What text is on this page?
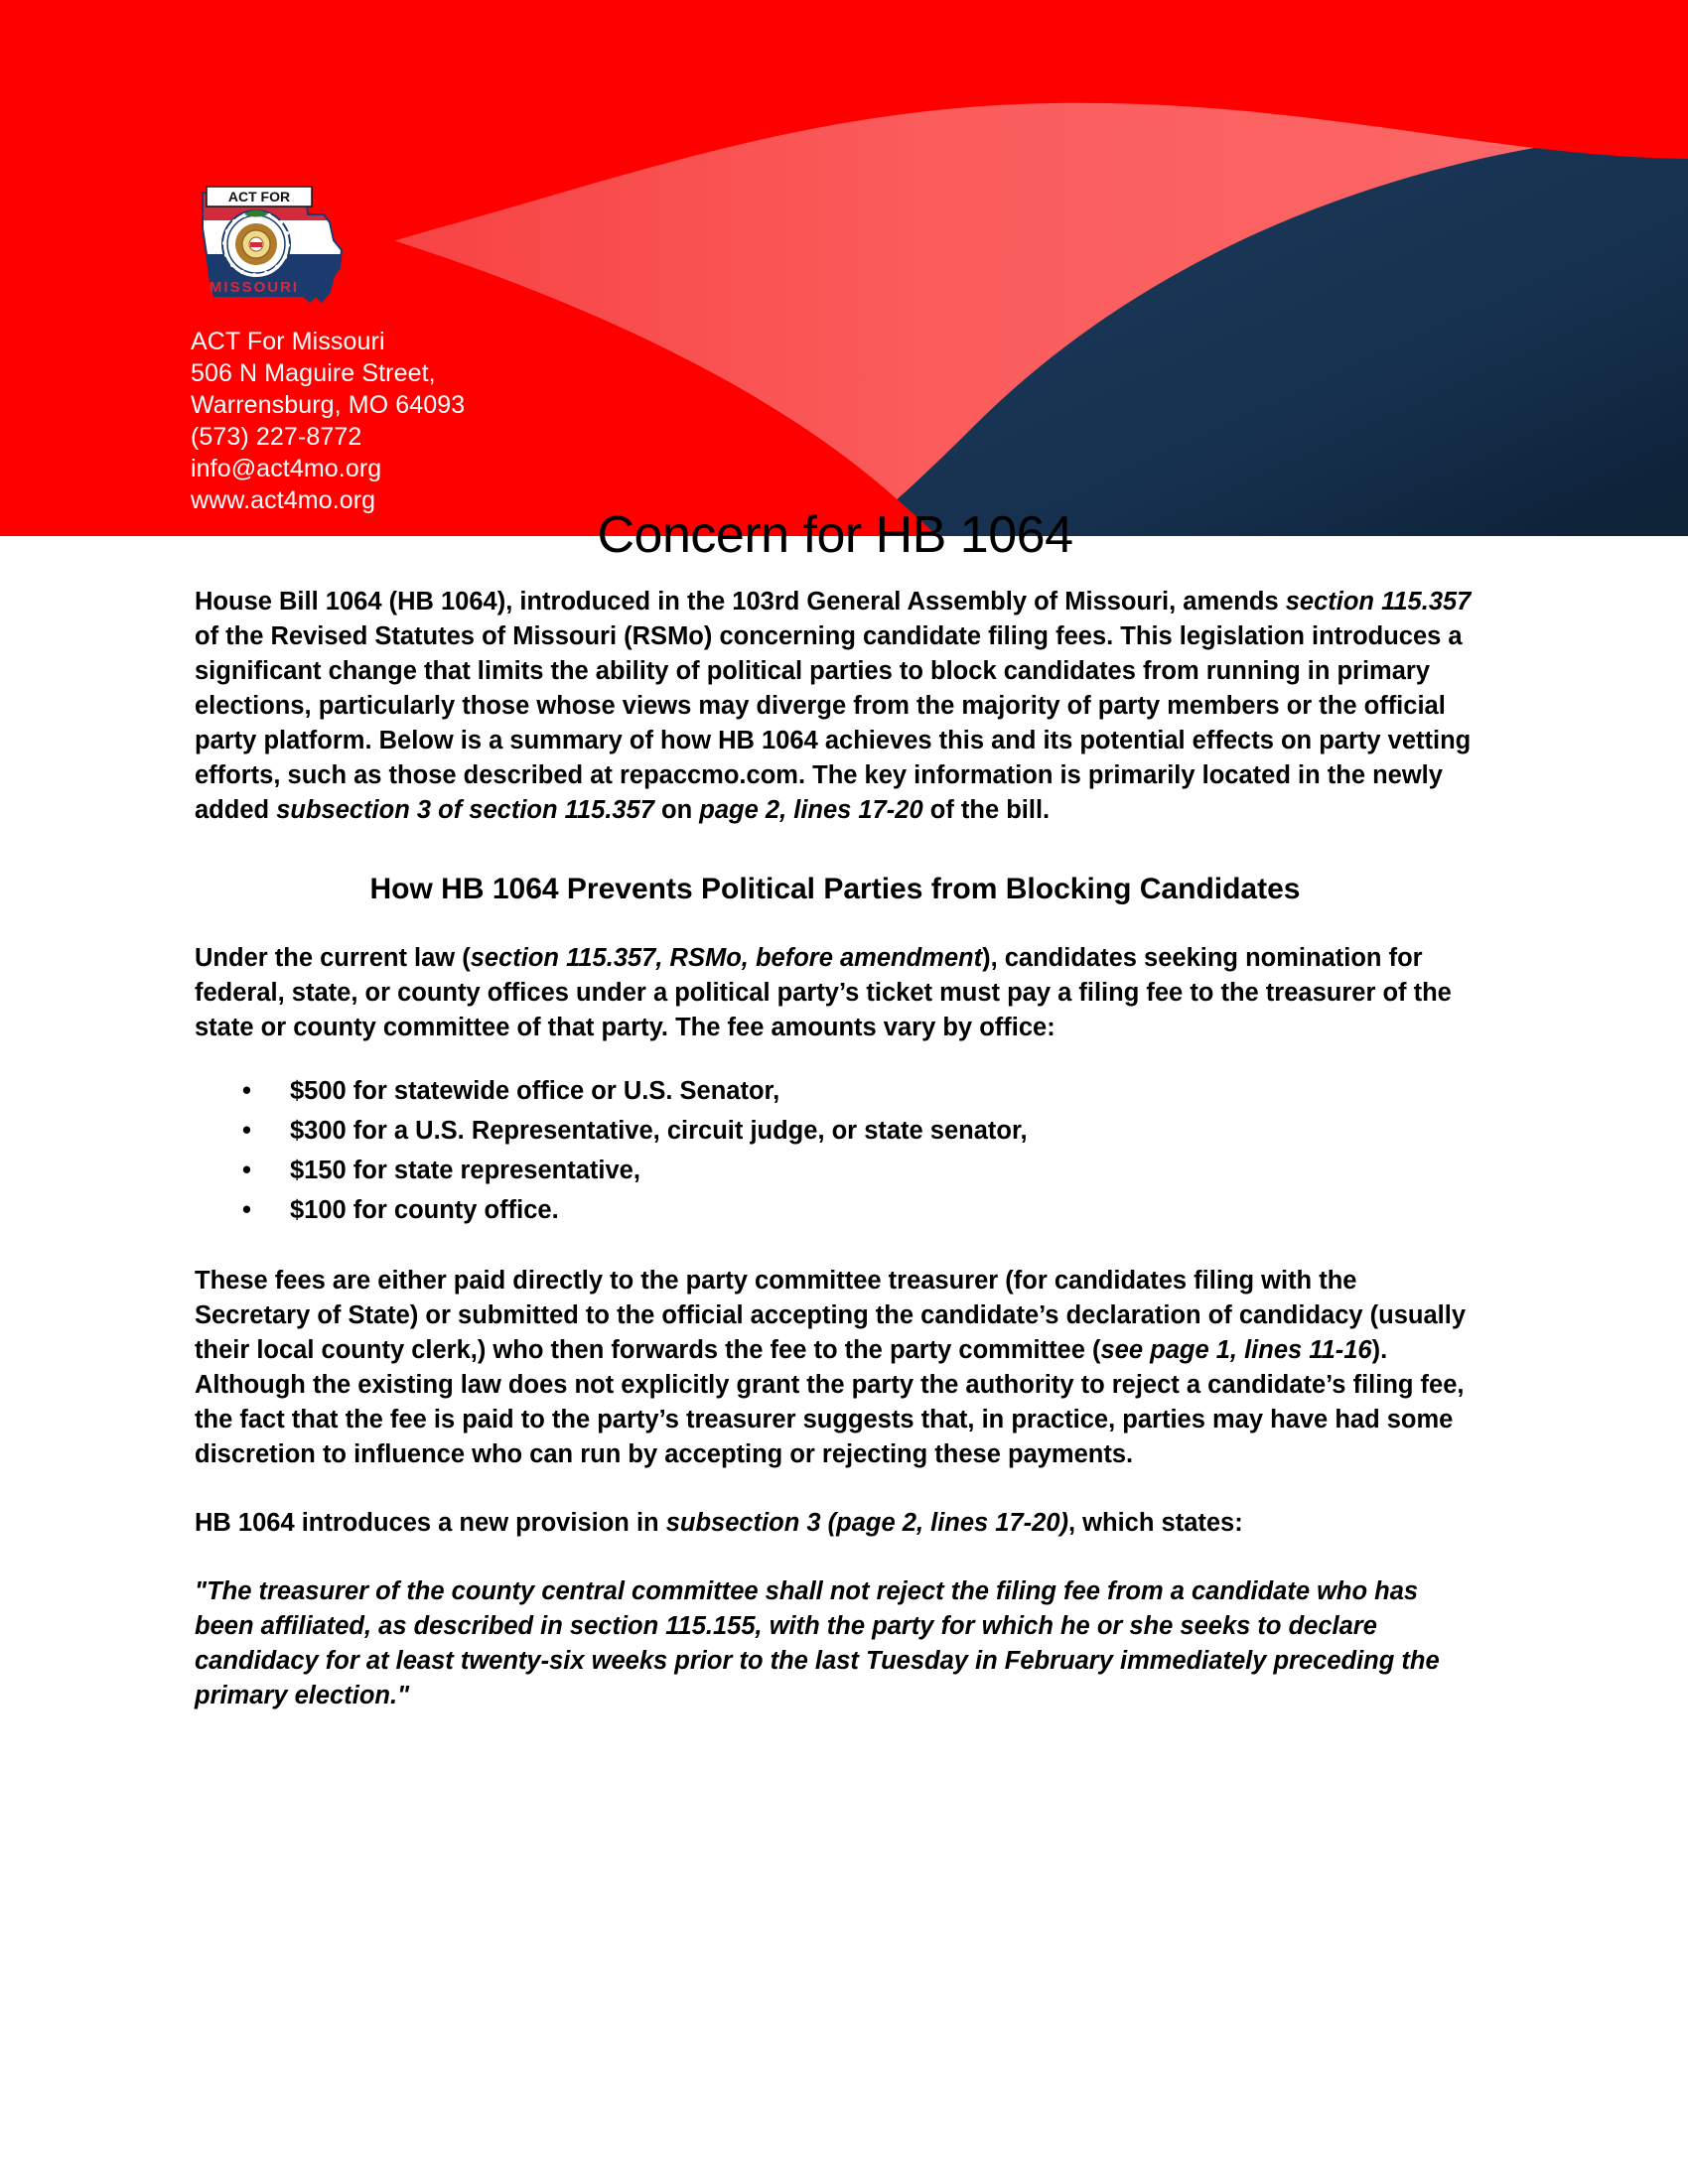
ACT FOR
MISSOURI
ACT For Missouri
506 N Maguire Street,
Warrensburg, MO 64093
(573) 227-8772
info@act4mo.org
www.act4mo.org
Concern for HB 1064

House Bill 1064 (HB 1064), introduced in the 103rd General Assembly of Missouri, amends section 115.357 of the Revised Statutes of Missouri (RSMo) concerning candidate filing fees. This legislation introduces a significant change that limits the ability of political parties to block candidates from running in primary elections, particularly those whose views may diverge from the majority of party members or the official party platform. Below is a summary of how HB 1064 achieves this and its potential effects on party vetting efforts, such as those described at repaccmo.com. The key information is primarily located in the newly added subsection 3 of section 115.357 on page 2, lines 17-20 of the bill.

How HB 1064 Prevents Political Parties from Blocking Candidates

Under the current law (section 115.357, RSMo, before amendment), candidates seeking nomination for federal, state, or county offices under a political party’s ticket must pay a filing fee to the treasurer of the state or county committee of that party. The fee amounts vary by office:

• $500 for statewide office or U.S. Senator,
• $300 for a U.S. Representative, circuit judge, or state senator,
• $150 for state representative,
• $100 for county office.

These fees are either paid directly to the party committee treasurer (for candidates filing with the Secretary of State) or submitted to the official accepting the candidate’s declaration of candidacy (usually their local county clerk,) who then forwards the fee to the party committee (see page 1, lines 11-16). Although the existing law does not explicitly grant the party the authority to reject a candidate’s filing fee, the fact that the fee is paid to the party’s treasurer suggests that, in practice, parties may have had some discretion to influence who can run by accepting or rejecting these payments.

HB 1064 introduces a new provision in subsection 3 (page 2, lines 17-20), which states:

"The treasurer of the county central committee shall not reject the filing fee from a candidate who has been affiliated, as described in section 115.155, with the party for which he or she seeks to declare candidacy for at least twenty-six weeks prior to the last Tuesday in February immediately preceding the primary election."
